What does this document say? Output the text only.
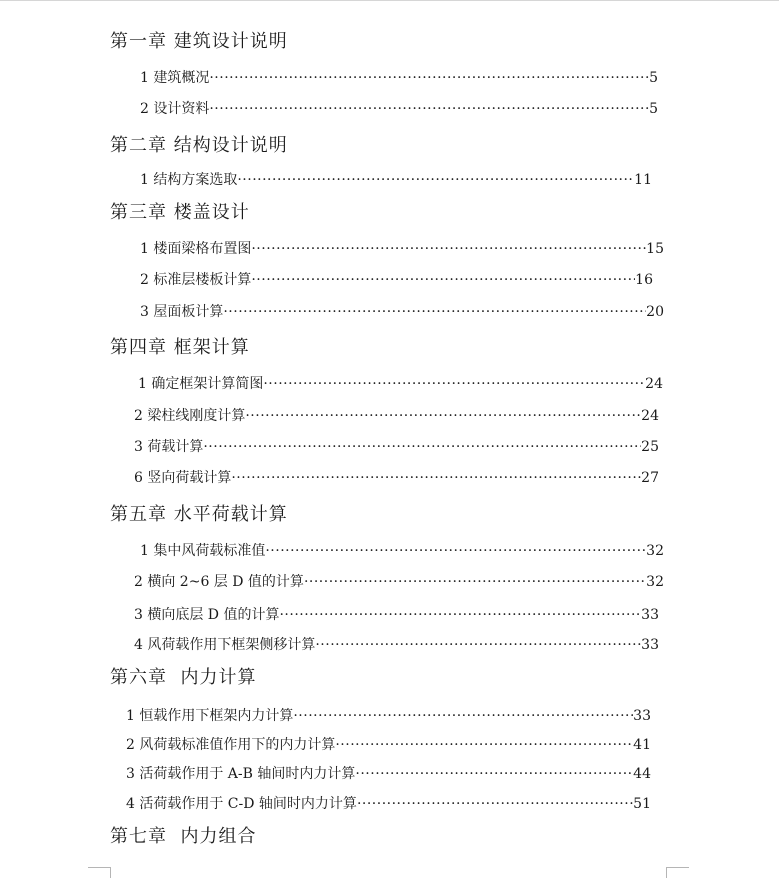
第一章 建筑设计说明
1 建筑概况 ·····	5
2 设计资料 ·····	5
第二章 结构设计说明
1 结构方案选取 ·····	11
第三章 楼盖设计
1 楼面梁格布置图 ·····	15
2 标准层楼板计算 ·····	16
3 屋面板计算 ·····	20
第四章 框架计算
1 确定框架计算简图 ·····	24
2 梁柱线刚度计算 ·····	24
3 荷载计算 ·····	25
6 竖向荷载计算 ·····	27
第五章 水平荷载计算
1 集中风荷载标准值 ·····	32
2 横向 2~6 层 D 值的计算 ·····	32
3 横向底层 D 值的计算 ·····	33
4 风荷载作用下框架侧移计算 ·····	33
第六章  内力计算
1 恒载作用下框架内力计算 ·····	33
2 风荷载标准值作用下的内力计算 ·····	41
3 活荷载作用于 A-B 轴间时内力计算 ·····	44
4 活荷载作用于 C-D 轴间时内力计算 ·····	51
第七章  内力组合
